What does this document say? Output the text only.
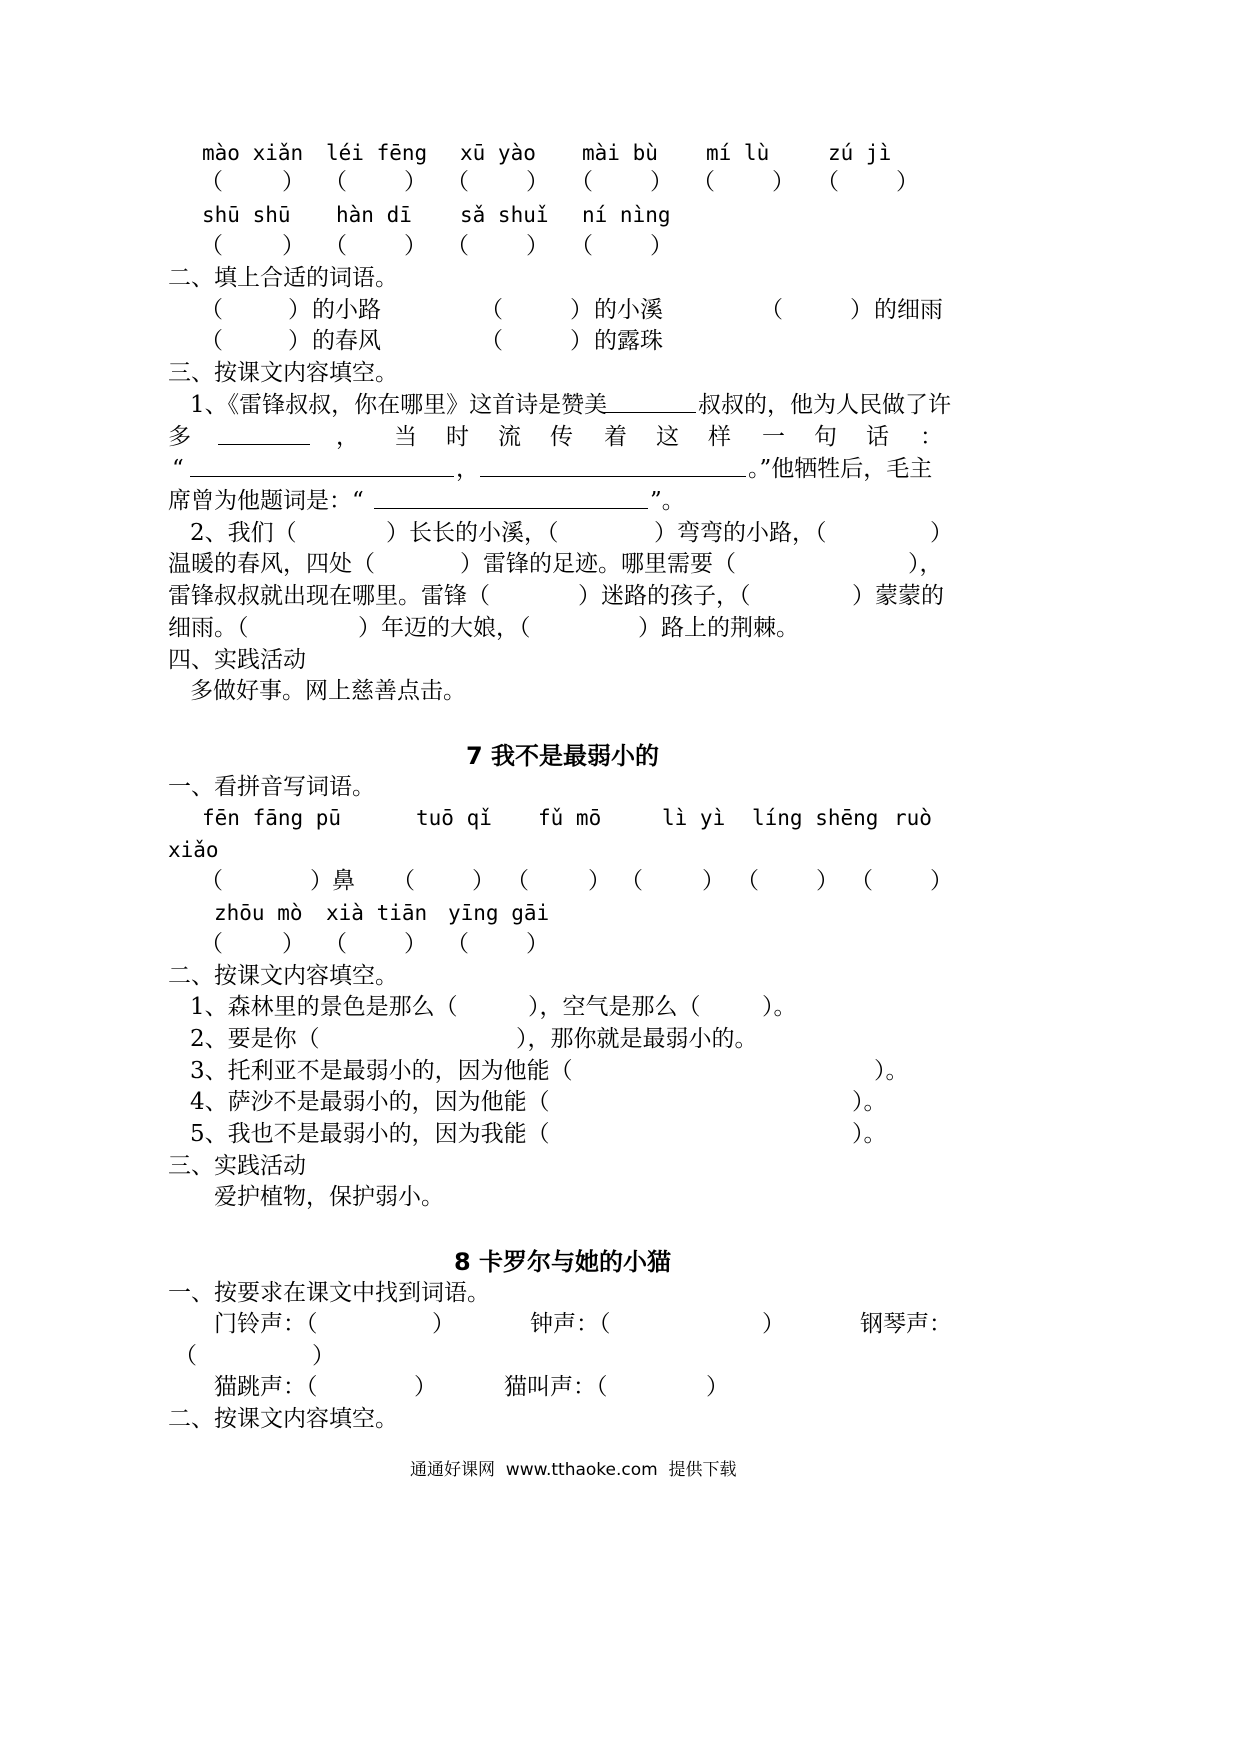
mào xiǎn léi fēng xū yào mài bù mí lù	zú jì
（	） （ ） （ ） （ ） （ ） （ ）
shū shū hàn dī sǎ shuǐ ní nìng
（	） （ ） （ ） （ ）
二、填上合适的词语。
（	） 的小路	（	） 的小溪	（	） 的细雨
（	） 的春风	（	） 的露珠
三、按课文内容填空。
1、《雷锋叔叔，你在哪里》这首诗是赞美	叔叔的，他为人民做了许
多	， 当 时 流 传 着 这 样 一 句 话 ：
“	，	。”他牺牲后，毛主
席曾为他题词是：“	”。
2、我们（	）长长的小溪，（	）弯弯的小路，（	）
温暖的春风，四处（	）雷锋的足迹。哪里需要（	），
雷锋叔叔就出现在哪里。雷锋（	）迷路的孩子，（	）蒙蒙的
细雨。（	）年迈的大娘，（	）路上的荆棘。
四、实践活动
多做好事。网上慈善点击。
7 我不是最弱小的
一、看拼音写词语。
fēn fāng pū	tuō qǐ fǔ mō	lì yì líng shēng ruò
xiǎo
（	） 鼻 （ ） （	） （	） （ ） （ ）
zhōu mò xià tiān yīng gāi
（	） （ ） （ ）
二、按课文内容填空。
1、森林里的景色是那么（	），空气是那么（	）。
2、要是你（	），那你就是最弱小的。
3、托利亚不是最弱小的，因为他能（	）。
4、萨沙不是最弱小的，因为他能（	）。
5、我也不是最弱小的，因为我能（	）。
三、实践活动
爱护植物，保护弱小。
8 卡罗尔与她的小猫
一、按要求在课文中找到词语。
门铃声：（	）	钟声：（	）	钢琴声：
（	）
猫跳声：（	）	猫叫声：（	）
二、按课文内容填空。
通通好课网  www.tthaoke.com  提供下载
